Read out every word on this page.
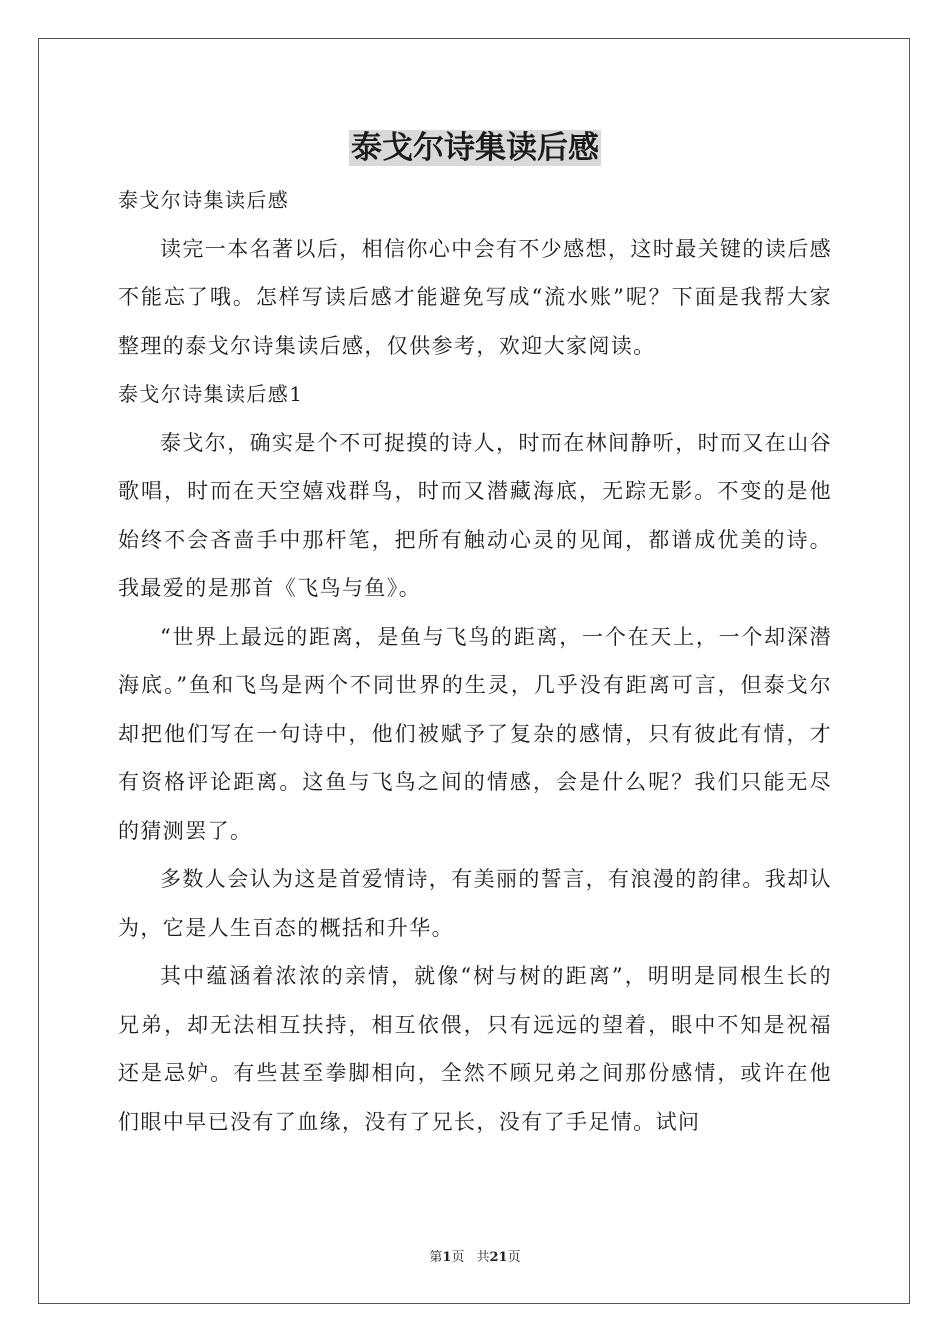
泰戈尔诗集读后感

泰戈尔诗集读后感

读完一本名著以后，相信你心中会有不少感想，这时最关键的读后感不能忘了哦。怎样写读后感才能避免写成“流水账”呢？下面是我帮大家整理的泰戈尔诗集读后感，仅供参考，欢迎大家阅读。

泰戈尔诗集读后感1

泰戈尔，确实是个不可捉摸的诗人，时而在林间静听，时而又在山谷歌唱，时而在天空嬉戏群鸟，时而又潜藏海底，无踪无影。不变的是他始终不会吝啬手中那杆笔，把所有触动心灵的见闻，都谱成优美的诗。我最爱的是那首《飞鸟与鱼》。

“世界上最远的距离，是鱼与飞鸟的距离，一个在天上，一个却深潜海底。”鱼和飞鸟是两个不同世界的生灵，几乎没有距离可言，但泰戈尔却把他们写在一句诗中，他们被赋予了复杂的感情，只有彼此有情，才有资格评论距离。这鱼与飞鸟之间的情感，会是什么呢？我们只能无尽的猜测罢了。

多数人会认为这是首爱情诗，有美丽的誓言，有浪漫的韵律。我却认为，它是人生百态的概括和升华。

其中蕴涵着浓浓的亲情，就像“树与树的距离”，明明是同根生长的兄弟，却无法相互扶持，相互依偎，只有远远的望着，眼中不知是祝福还是忌妒。有些甚至拳脚相向，全然不顾兄弟之间那份感情，或许在他们眼中早已没有了血缘，没有了兄长，没有了手足情。试问

第1页 共21页
